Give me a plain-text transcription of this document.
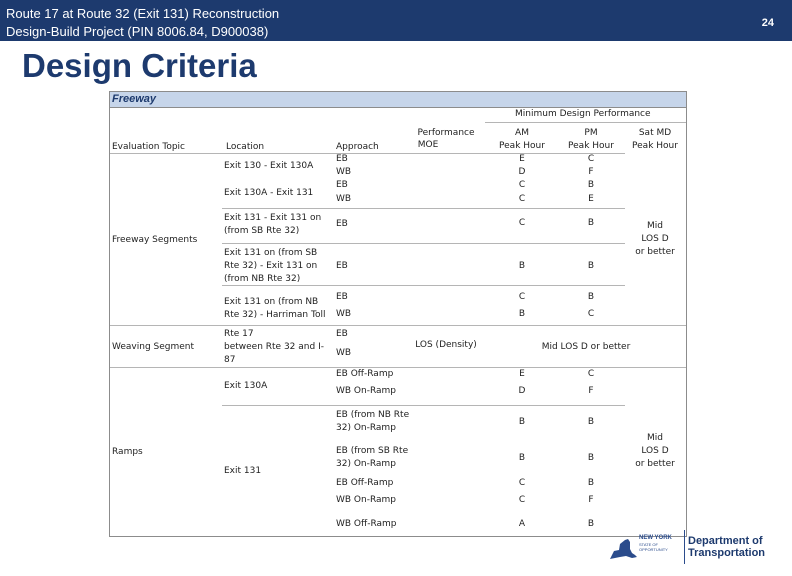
Route 17 at Route 32 (Exit 131) Reconstruction
Design-Build Project (PIN 8006.84, D900038)
24
Design Criteria
Freeway
Minimum Design Performance
Evaluation Topic	Location	Approach
Performance
MOE
AM
Peak Hour
PM
Peak Hour
Sat MD
Peak Hour
Freeway Segments
Weaving Segment
Ramps
Exit 130 - Exit 130A
Exit 130A - Exit 131
Exit 131 - Exit 131 on
(from SB Rte 32)
Exit 131 on (from SB
Rte 32) - Exit 131 on
(from NB Rte 32)
Exit 131 on (from NB
Rte 32) - Harriman Toll
Rte 17
between Rte 32 and I-
87
Exit 130A
Exit 131
EB
WB
EB
WB
EB
EB
EB
WB
EB
WB
EB Off-Ramp
WB On-Ramp
EB (from NB Rte
32) On-Ramp
EB (from SB Rte
32) On-Ramp
EB Off-Ramp
WB On-Ramp
WB Off-Ramp
LOS (Density)
E
D
C
C
C
B
C
B
E
D
B
B
C
C
A
C
F
B
E
B
B
B
C
C
F
B
B
B
F
B
Mid LOS D or better
Mid
LOS D
or better
Mid
LOS D
or better
NEW YORK
STATE OF OPPORTUNITY
Department of
Transportation
